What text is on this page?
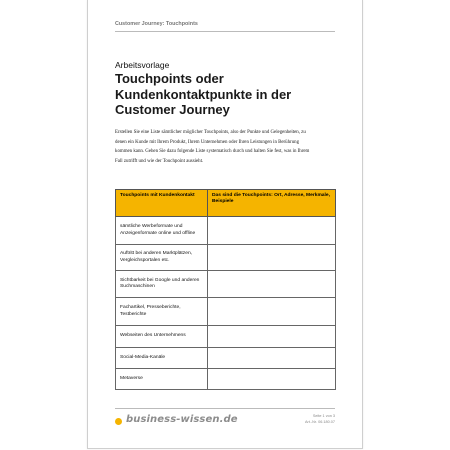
Customer Journey: Touchpoints
Arbeitsvorlage
Touchpoints oder Kundenkontaktpunkte in der Customer Journey
Erstellen Sie eine Liste sämtlicher möglicher Touchpoints, also der Punkte und Gelegenheiten, zu denen ein Kunde mit Ihrem Produkt, Ihrem Unternehmen oder Ihren Leistungen in Berührung kommen kann. Gehen Sie dazu folgende Liste systematisch durch und halten Sie fest, was in Ihrem Fall zutrifft und wie der Touchpoint aussieht.
Touchpoints mit Kundenkontakt	Das sind die Touchpoints: Ort, Adresse, Merkmale, Beispiele
sämtliche Werbeformate und Anzeigenformate online und offline	
Auftritt bei anderen Marktplätzen, Vergleichsportalen etc.	
Sichtbarkeit bei Google und anderen Suchmaschinen	
Fachartikel, Presseberichte, Testberichte	
Webseiten des Unternehmens	
Social-Media-Kanäle	
Metaverse	
business-wissen.de	Seite 1 von 3
Art.-Nr. 06.180.07
